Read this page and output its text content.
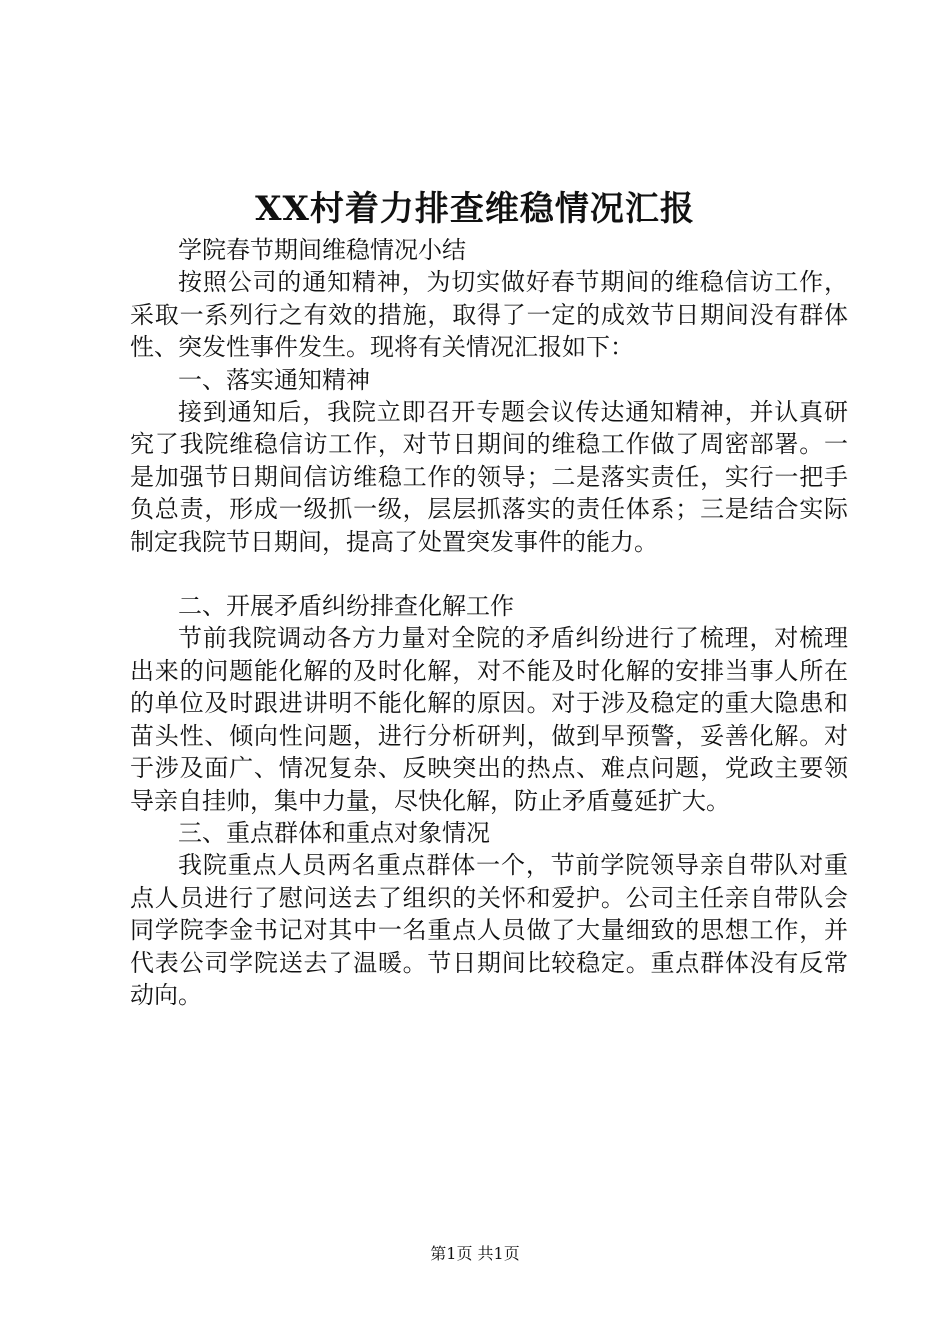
XX村着力排查维稳情况汇报

学院春节期间维稳情况小结

按照公司的通知精神，为切实做好春节期间的维稳信访工作，采取一系列行之有效的措施，取得了一定的成效节日期间没有群体性、突发性事件发生。现将有关情况汇报如下：

一、落实通知精神

接到通知后，我院立即召开专题会议传达通知精神，并认真研究了我院维稳信访工作，对节日期间的维稳工作做了周密部署。一是加强节日期间信访维稳工作的领导；二是落实责任，实行一把手负总责，形成一级抓一级，层层抓落实的责任体系；三是结合实际制定我院节日期间，提高了处置突发事件的能力。

二、开展矛盾纠纷排查化解工作

节前我院调动各方力量对全院的矛盾纠纷进行了梳理，对梳理出来的问题能化解的及时化解，对不能及时化解的安排当事人所在的单位及时跟进讲明不能化解的原因。对于涉及稳定的重大隐患和苗头性、倾向性问题，进行分析研判，做到早预警，妥善化解。对于涉及面广、情况复杂、反映突出的热点、难点问题，党政主要领导亲自挂帅，集中力量，尽快化解，防止矛盾蔓延扩大。

三、重点群体和重点对象情况

我院重点人员两名重点群体一个，节前学院领导亲自带队对重点人员进行了慰问送去了组织的关怀和爱护。公司主任亲自带队会同学院李金书记对其中一名重点人员做了大量细致的思想工作，并代表公司学院送去了温暖。节日期间比较稳定。重点群体没有反常动向。

第1页 共1页
